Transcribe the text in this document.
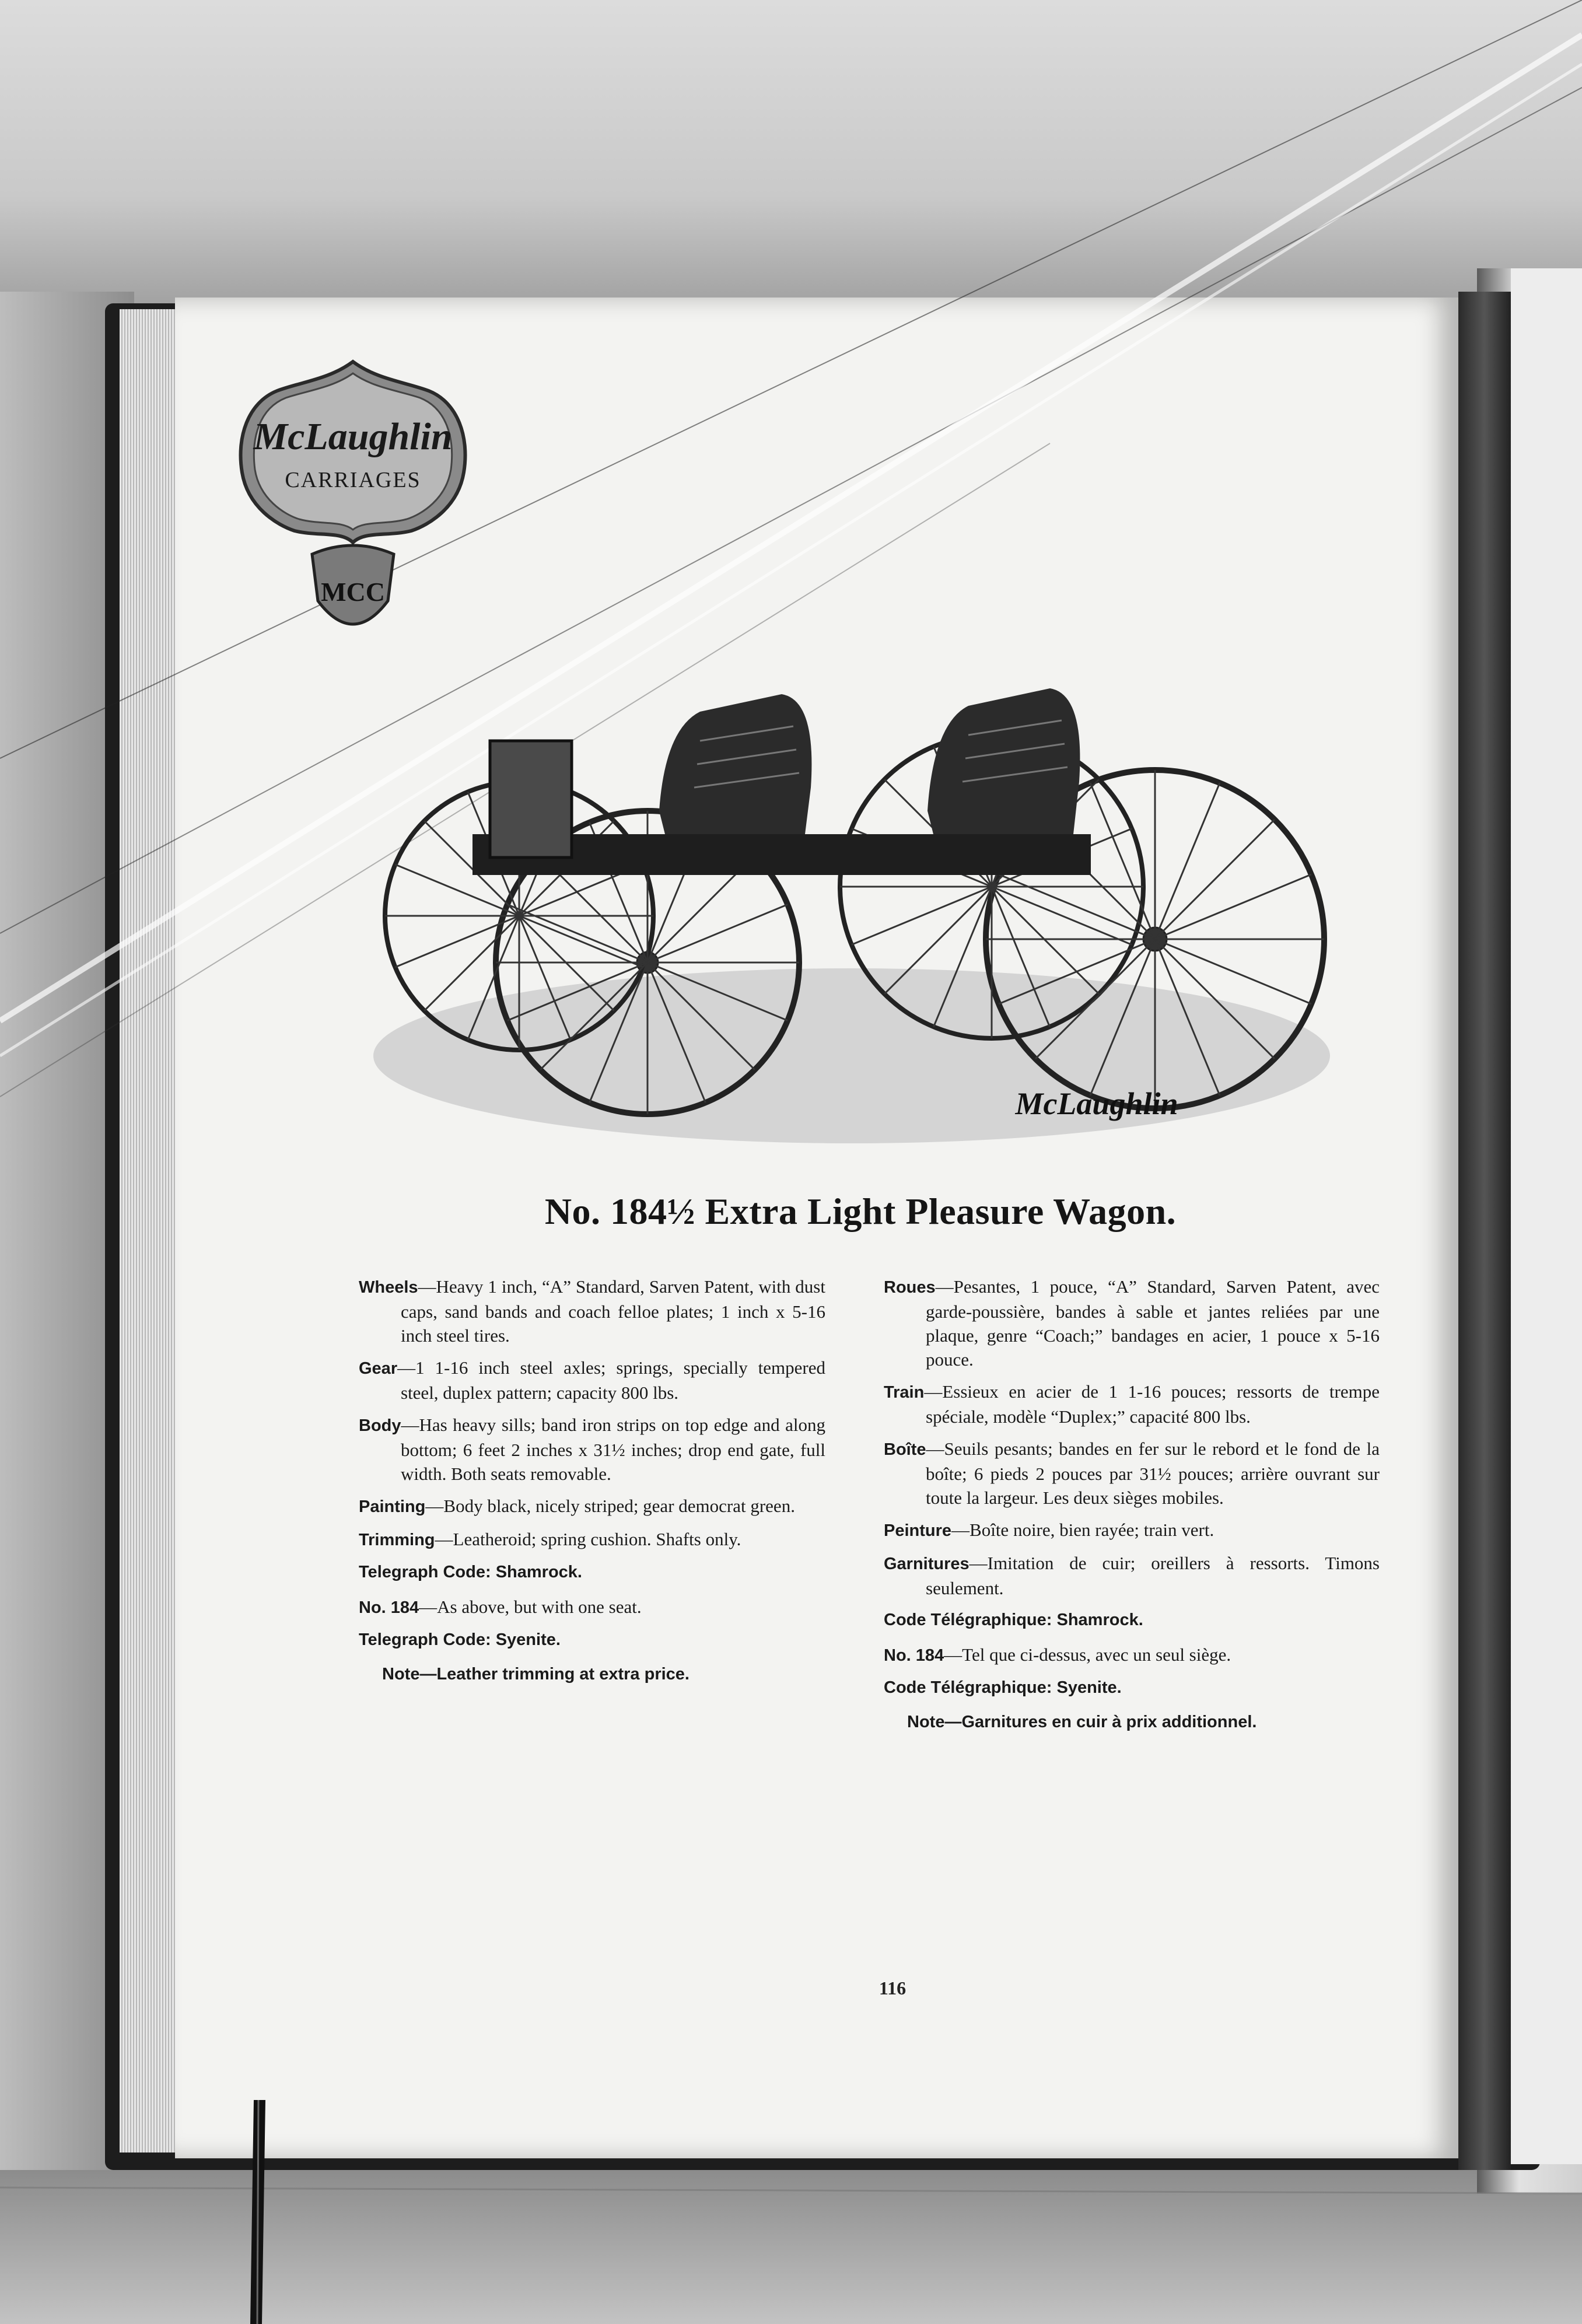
McLaughlin
CARRIAGES
MCC
McLaughlin
No. 184½ Extra Light Pleasure Wagon.

Wheels—Heavy 1 inch, “A” Standard, Sarven Patent, with dust caps, sand bands and coach felloe plates; 1 inch x 5-16 inch steel tires.

Gear—1 1-16 inch steel axles; springs, specially tempered steel, duplex pattern; capacity 800 lbs.

Body—Has heavy sills; band iron strips on top edge and along bottom; 6 feet 2 inches x 31½ inches; drop end gate, full width. Both seats removable.

Painting—Body black, nicely striped; gear democrat green.

Trimming—Leatheroid; spring cushion. Shafts only.

Telegraph Code: Shamrock.

No. 184—As above, but with one seat.

Telegraph Code: Syenite.

Note—Leather trimming at extra price.

Roues—Pesantes, 1 pouce, “A” Standard, Sarven Patent, avec garde-poussière, bandes à sable et jantes reliées par une plaque, genre “Coach;” bandages en acier, 1 pouce x 5-16 pouce.

Train—Essieux en acier de 1 1-16 pouces; ressorts de trempe spéciale, modèle “Duplex;” capacité 800 lbs.

Boîte—Seuils pesants; bandes en fer sur le rebord et le fond de la boîte; 6 pieds 2 pouces par 31½ pouces; arrière ouvrant sur toute la largeur. Les deux sièges mobiles.

Peinture—Boîte noire, bien rayée; train vert.

Garnitures—Imitation de cuir; oreillers à ressorts. Timons seulement.

Code Télégraphique: Shamrock.

No. 184—Tel que ci-dessus, avec un seul siège.

Code Télégraphique: Syenite.

Note—Garnitures en cuir à prix additionnel.

116
